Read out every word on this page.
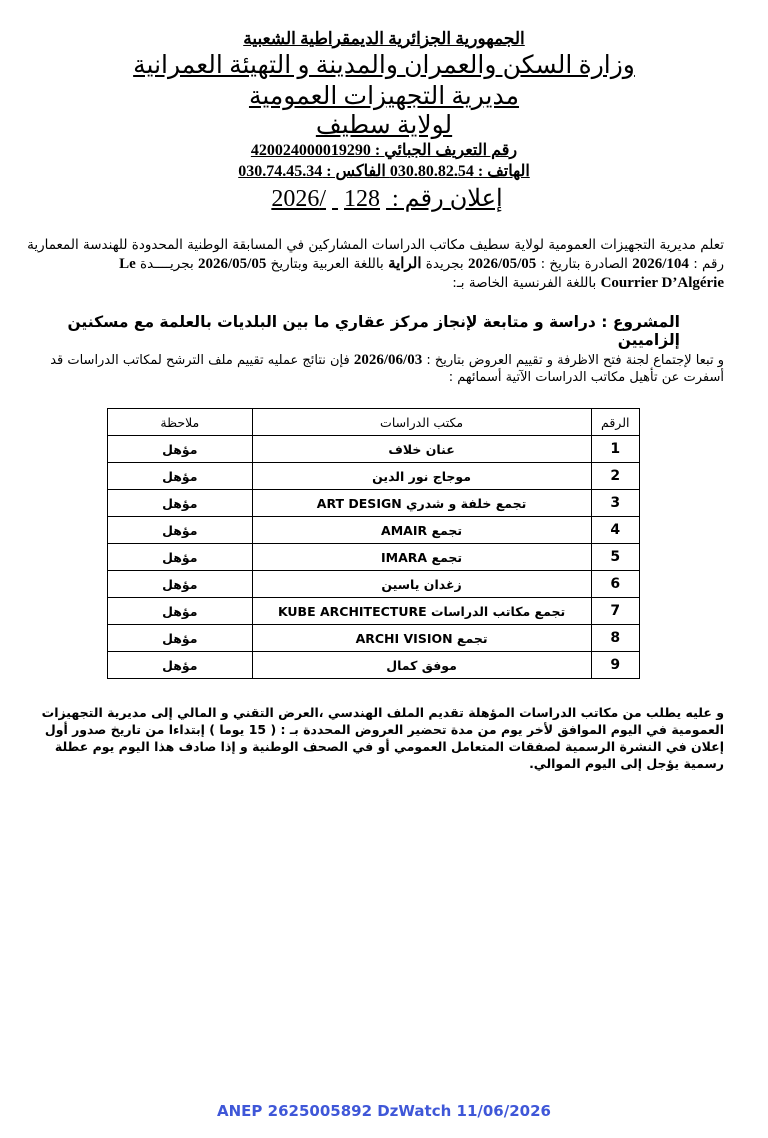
الجمهورية الجزائرية الديمقراطية الشعبية
وزارة السكن والعمران والمدينة و التهيئة العمرانية
مديرية التجهيزات العمومية
لولاية سطيف
رقم التعريف الجبائي : 420024000019290
الهاتف : 030.80.82.54 الفاكس : 030.74.45.34
إعلان رقم : 128 /2026
تعلم مديرية التجهيزات العمومية لولاية سطيف مكاتب الدراسات المشاركين في المسابقة الوطنية المحدودة للهندسة المعمارية
رقم : 2026/104 الصادرة بتاريخ : 2026/05/05 بجريدة الراية باللغة العربية وبتاريخ 2026/05/05 بجريــــدة Le
Courrier D’Algérie باللغة الفرنسية الخاصة بـ:
المشروع : دراسة و متابعة لإنجاز مركز عقاري ما بين البلديات بالعلمة مع مسكنين إلزاميين
و تبعا لإجتماع لجنة فتح الاظرفة و تقييم العروض بتاريخ : 2026/06/03 فإن نتائج عمليه تقييم ملف الترشح لمكاتب الدراسات قد أسفرت عن تأهيل مكاتب الدراسات الآتية أسمائهم :
الرقم	مكتب الدراسات	ملاحظة
1	عنان خلاف	مؤهل
2	موجاج نور الدين	مؤهل
3	تجمع خلفة و شدري ART DESIGN	مؤهل
4	تجمع AMAIR	مؤهل
5	تجمع IMARA	مؤهل
6	زغدان ياسين	مؤهل
7	تجمع مكاتب الدراسات KUBE ARCHITECTURE	مؤهل
8	تجمع ARCHI VISION	مؤهل
9	موفق كمال	مؤهل
و عليه يطلب من مكاتب الدراسات المؤهلة تقديم الملف الهندسي ،العرض التقني و المالي إلى مديرية التجهيزات العمومية في اليوم الموافق لأخر يوم من مدة تحضير العروض المحددة بـ : ( 15 يوما ) إبتداءا من تاريخ صدور أول إعلان في النشرة الرسمية لصفقات المتعامل العمومي أو في الصحف الوطنية و إذا صادف هذا اليوم يوم عطلة رسمية يؤجل إلى اليوم الموالي.
ANEP 2625005892 DzWatch 11/06/2026
